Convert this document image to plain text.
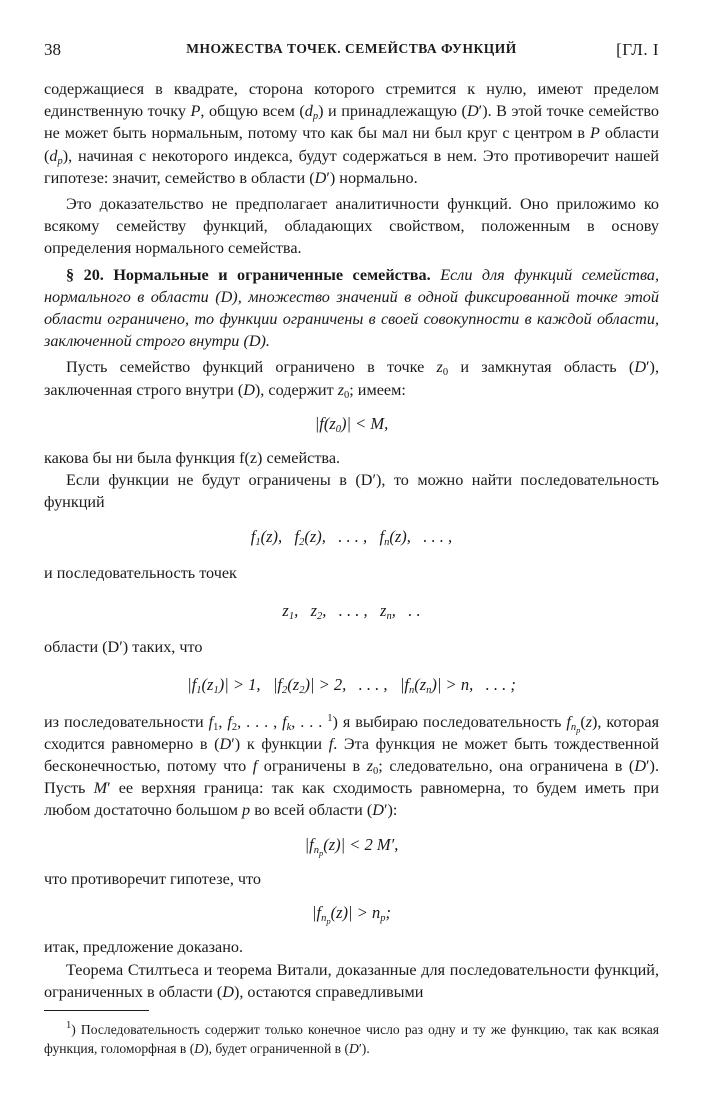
38	МНОЖЕСТВА ТОЧЕК. СЕМЕЙСТВА ФУНКЦИЙ	[ГЛ. I

содержащиеся в квадрате, сторона которого стремится к нулю, имеют пределом единственную точку P, общую всем $(d_p)$ и принадлежащую (D′). В этой точке семейство не может быть нормальным, потому что как бы мал ни был круг с центром в P области $(d_p)$, начиная с некоторого индекса, будут содержаться в нем. Это противоречит нашей гипотезе: значит, семейство в области (D′) нормально.

Это доказательство не предполагает аналитичности функций. Оно приложимо ко всякому семейству функций, обладающих свойством, положенным в основу определения нормального семейства.

§ 20. Нормальные и ограниченные семейства. Если для функций семейства, нормального в области (D), множество значений в одной фиксированной точке этой области ограничено, то функции ограничены в своей совокупности в каждой области, заключенной строго внутри (D).

Пусть семейство функций ограничено в точке $z_0$ и замкнутая область (D′), заключенная строго внутри (D), содержит $z_0$; имеем:

$|f(z_0)| < M$,

какова бы ни была функция f(z) семейства.

Если функции не будут ограничены в (D′), то можно найти последовательность функций

$f_1(z)$,   $f_2(z)$,   . . . ,   $f_n(z)$,   . . . ,

и последовательность точек

$z_1$,   $z_2$,   . . . ,   $z_n$,   . .

области (D′) таких, что

$|f_1(z_1)| > 1$,   $|f_2(z_2)| > 2$,   . . . ,   $|f_n(z_n)| > n$,   . . . ;

из последовательности $f_1$, $f_2$, . . . , $f_k$, . . . $^1$) я выбираю последовательность $f_{n_p}(z)$, которая сходится равномерно в (D′) к функции f. Эта функция не может быть тождественной бесконечностью, потому что f ограничены в $z_0$; следовательно, она ограничена в (D′). Пусть M′ ее верхняя граница: так как сходимость равномерна, то будем иметь при любом достаточно большом p во всей области (D′):

$|f_{n_p}(z)| < 2$ M′,

что противоречит гипотезе, что

$|f_{n_p}(z)| > n_p$;

итак, предложение доказано.

Теорема Стилтьеса и теорема Витали, доказанные для последовательности функций, ограниченных в области (D), остаются справедливыми

$^1$) Последовательность содержит только конечное число раз одну и ту же функцию, так как всякая функция, голоморфная в (D), будет ограниченной в (D′).
